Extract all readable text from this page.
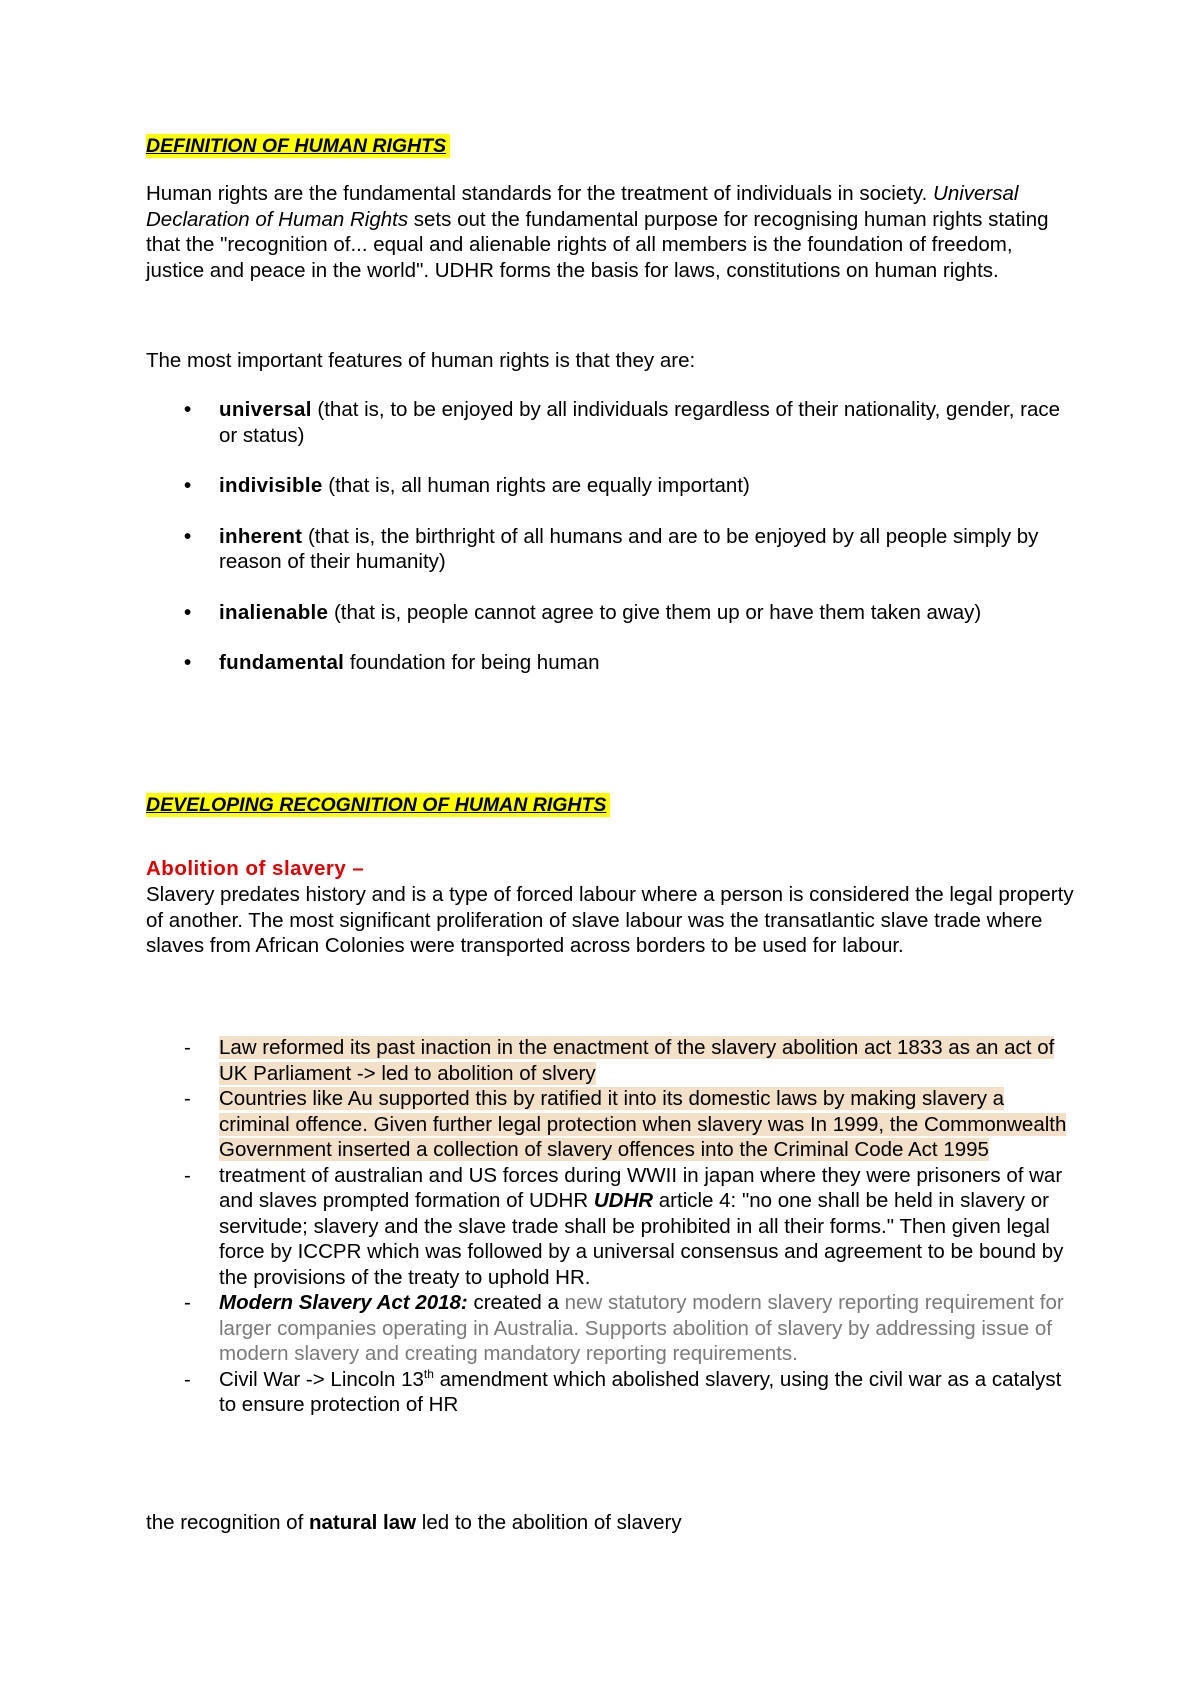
DEFINITION OF HUMAN RIGHTS

Human rights are the fundamental standards for the treatment of individuals in society. Universal Declaration of Human Rights sets out the fundamental purpose for recognising human rights stating that the "recognition of... equal and alienable rights of all members is the foundation of freedom, justice and peace in the world". UDHR forms the basis for laws, constitutions on human rights.

The most important features of human rights is that they are:

• universal (that is, to be enjoyed by all individuals regardless of their nationality, gender, race or status)
• indivisible (that is, all human rights are equally important)
• inherent (that is, the birthright of all humans and are to be enjoyed by all people simply by reason of their humanity)
• inalienable (that is, people cannot agree to give them up or have them taken away)
• fundamental foundation for being human
DEVELOPING RECOGNITION OF HUMAN RIGHTS
Abolition of slavery –

Slavery predates history and is a type of forced labour where a person is considered the legal property of another. The most significant proliferation of slave labour was the transatlantic slave trade where slaves from African Colonies were transported across borders to be used for labour.

- Law reformed its past inaction in the enactment of the slavery abolition act 1833 as an act of UK Parliament -> led to abolition of slvery
- Countries like Au supported this by ratified it into its domestic laws by making slavery a criminal offence. Given further legal protection when slavery was In 1999, the Commonwealth Government inserted a collection of slavery offences into the Criminal Code Act 1995
- treatment of australian and US forces during WWII in japan where they were prisoners of war and slaves prompted formation of UDHR UDHR article 4: "no one shall be held in slavery or servitude; slavery and the slave trade shall be prohibited in all their forms." Then given legal force by ICCPR which was followed by a universal consensus and agreement to be bound by the provisions of the treaty to uphold HR.
- Modern Slavery Act 2018: created a new statutory modern slavery reporting requirement for larger companies operating in Australia. Supports abolition of slavery by addressing issue of modern slavery and creating mandatory reporting requirements.
- Civil War -> Lincoln 13th amendment which abolished slavery, using the civil war as a catalyst to ensure protection of HR

the recognition of natural law led to the abolition of slavery
